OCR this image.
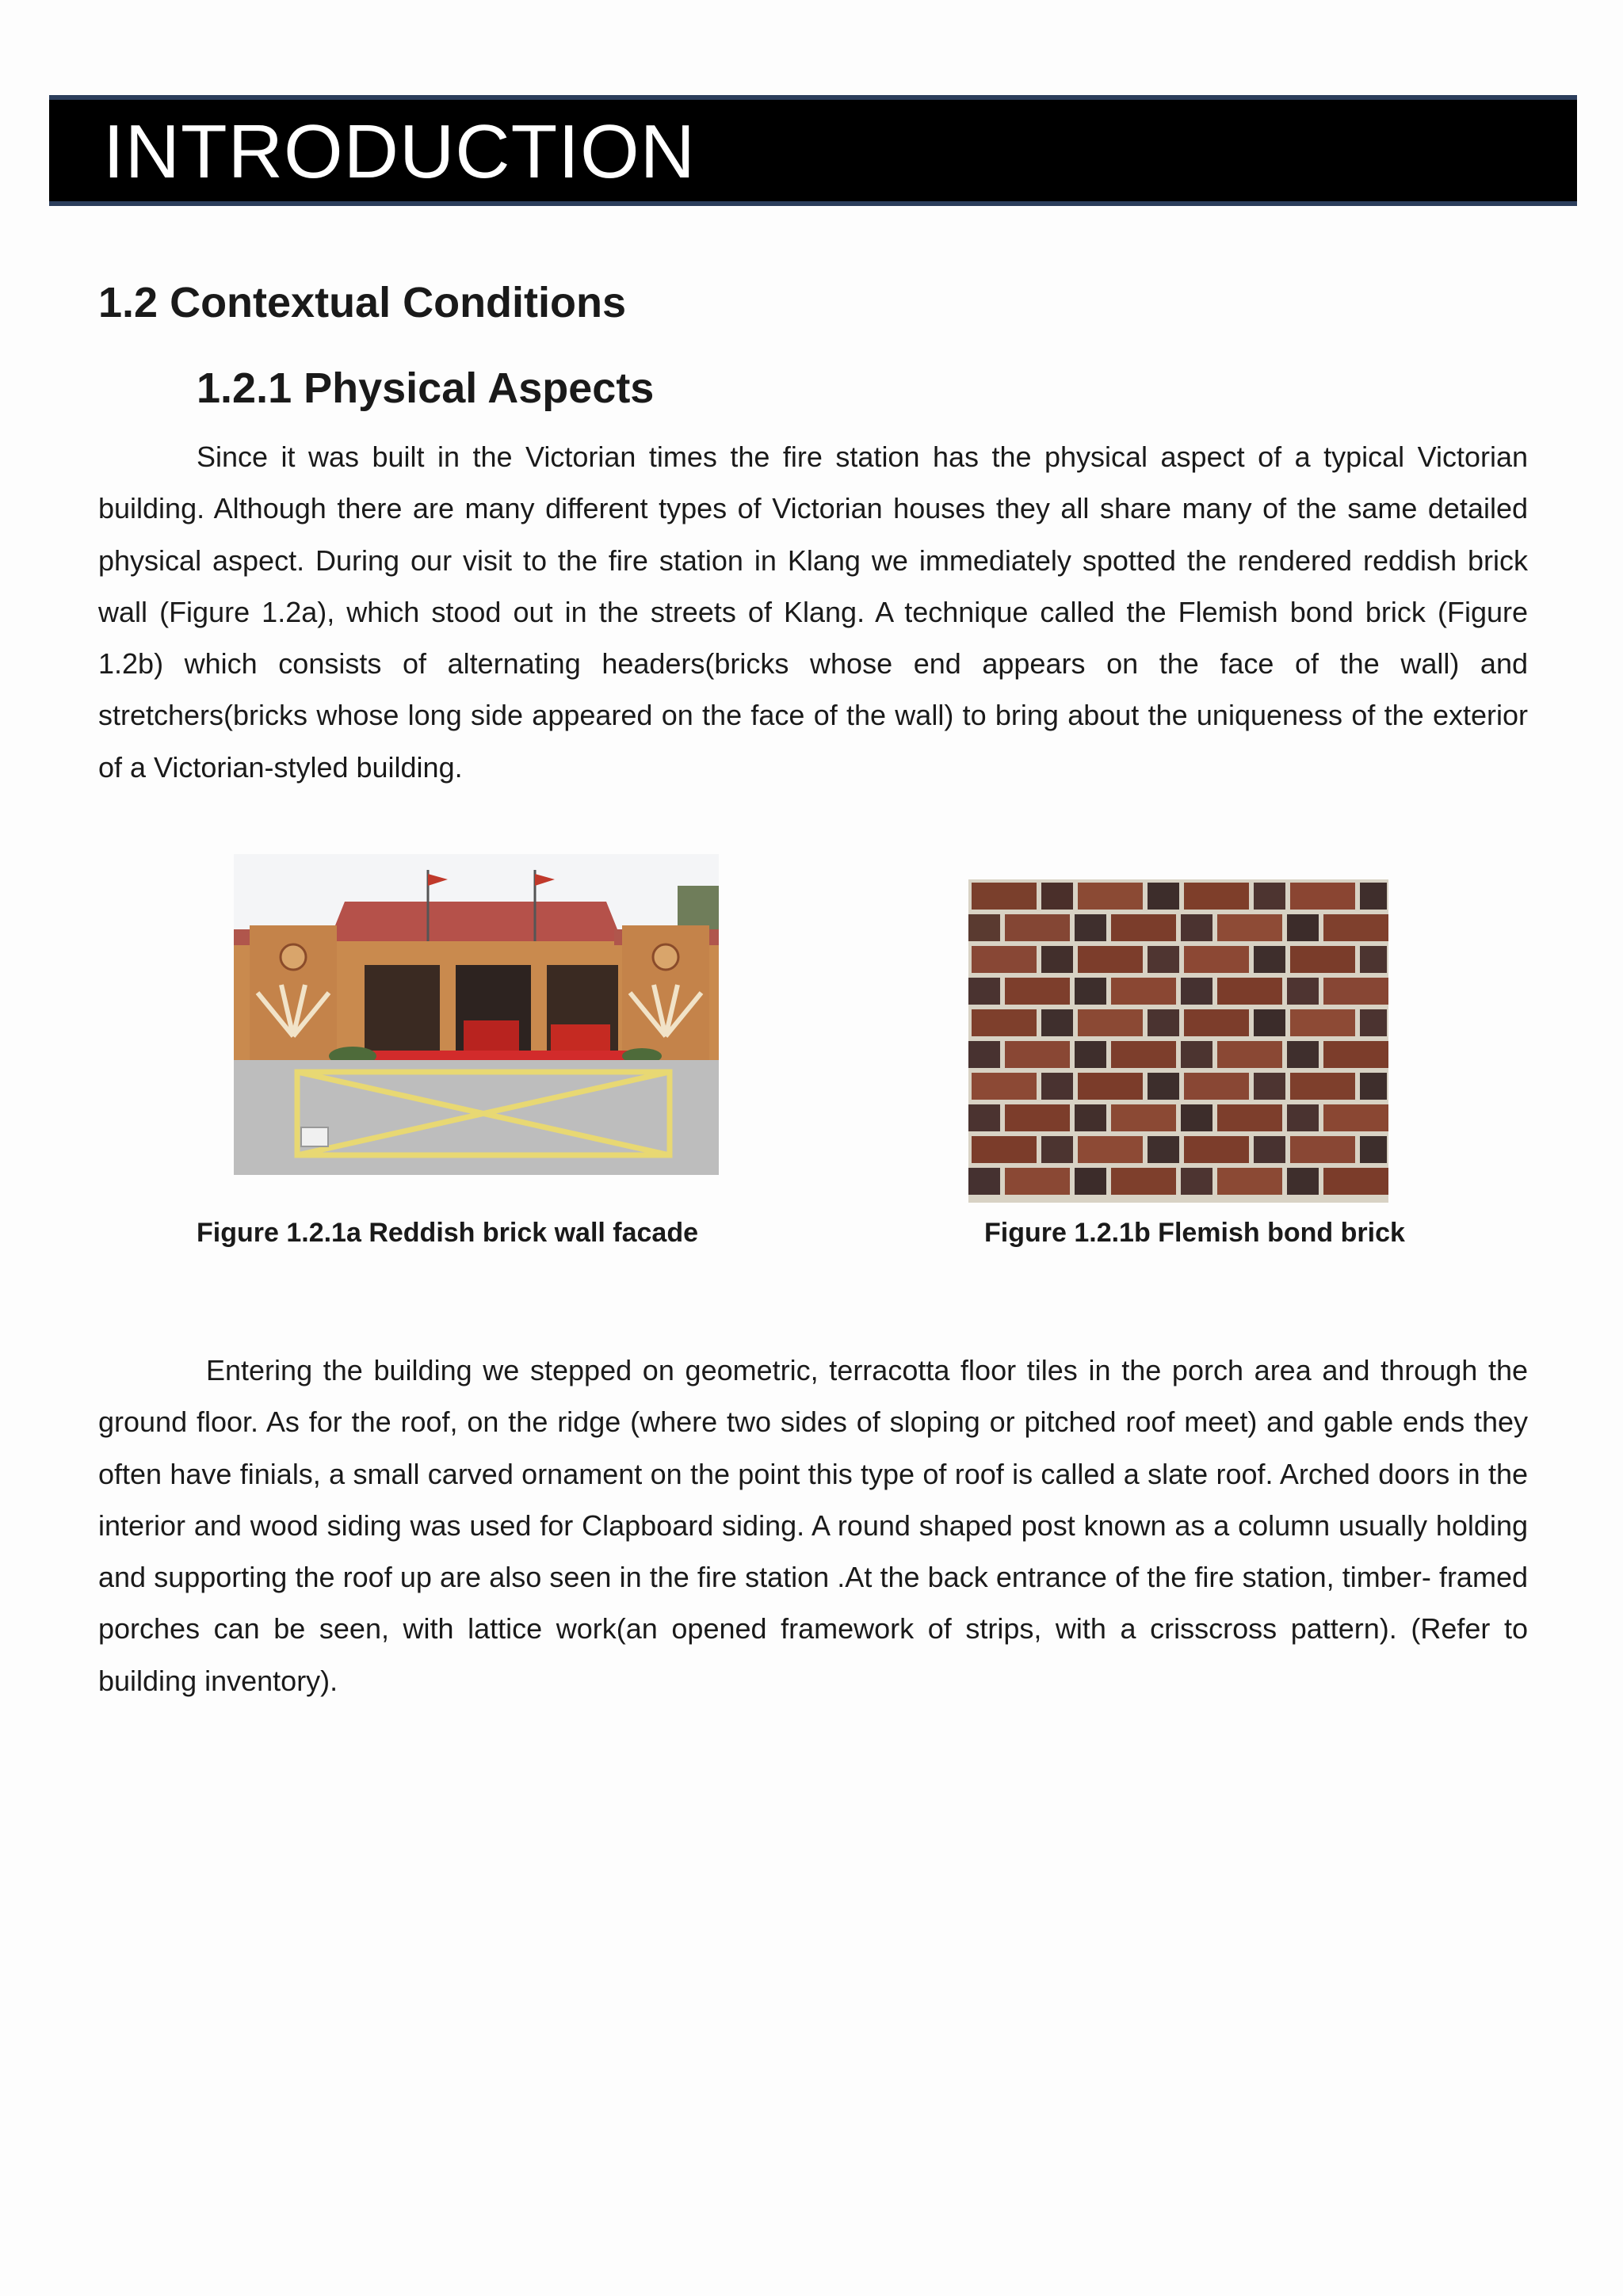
INTRODUCTION
1.2 Contextual Conditions
1.2.1 Physical Aspects

Since it was built in the Victorian times the fire station has the physical aspect of a typical Victorian building. Although there are many different types of Victorian houses they all share many of the same detailed physical aspect. During our visit to the fire station in Klang we immediately spotted the rendered reddish brick wall (Figure 1.2a), which stood out in the streets of Klang. A technique called the Flemish bond brick (Figure 1.2b) which consists of alternating headers(bricks whose end appears on the face of the wall) and stretchers(bricks whose long side appeared on the face of the wall) to bring about the uniqueness of the exterior of a Victorian-styled building.

Figure 1.2.1a Reddish brick wall facade	Figure 1.2.1b Flemish bond brick

Entering the building we stepped on geometric, terracotta floor tiles in the porch area and through the ground floor. As for the roof, on the ridge (where two sides of sloping or pitched roof meet) and gable ends they often have finials, a small carved ornament on the point this type of roof is called a slate roof. Arched doors in the interior and wood siding was used for Clapboard siding. A round shaped post known as a column usually holding and supporting the roof up are also seen in the fire station .At the back entrance of the fire station, timber- framed porches can be seen, with lattice work(an opened framework of strips, with a crisscross pattern). (Refer to building inventory).
